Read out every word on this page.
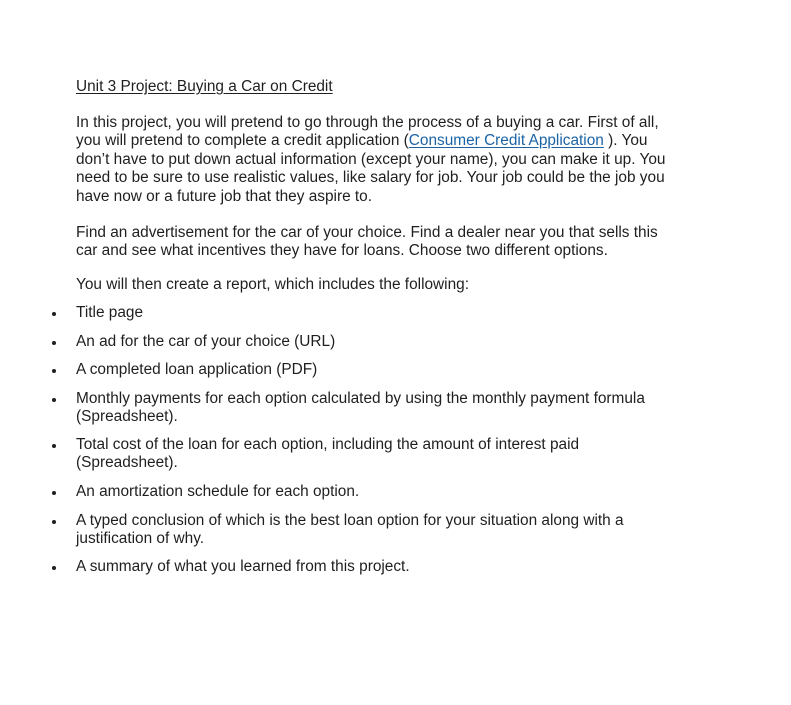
Unit 3 Project: Buying a Car on Credit

In this project, you will pretend to go through the process of a buying a car. First of all,
you will pretend to complete a credit application (Consumer Credit Application ). You
don’t have to put down actual information (except your name), you can make it up. You
need to be sure to use realistic values, like salary for job. Your job could be the job you
have now or a future job that they aspire to.

Find an advertisement for the car of your choice. Find a dealer near you that sells this
car and see what incentives they have for loans. Choose two different options.

You will then create a report, which includes the following:

Title page
An ad for the car of your choice (URL)
A completed loan application (PDF)
Monthly payments for each option calculated by using the monthly payment formula
(Spreadsheet).
Total cost of the loan for each option, including the amount of interest paid
(Spreadsheet).
An amortization schedule for each option.
A typed conclusion of which is the best loan option for your situation along with a
justification of why.
A summary of what you learned from this project.
